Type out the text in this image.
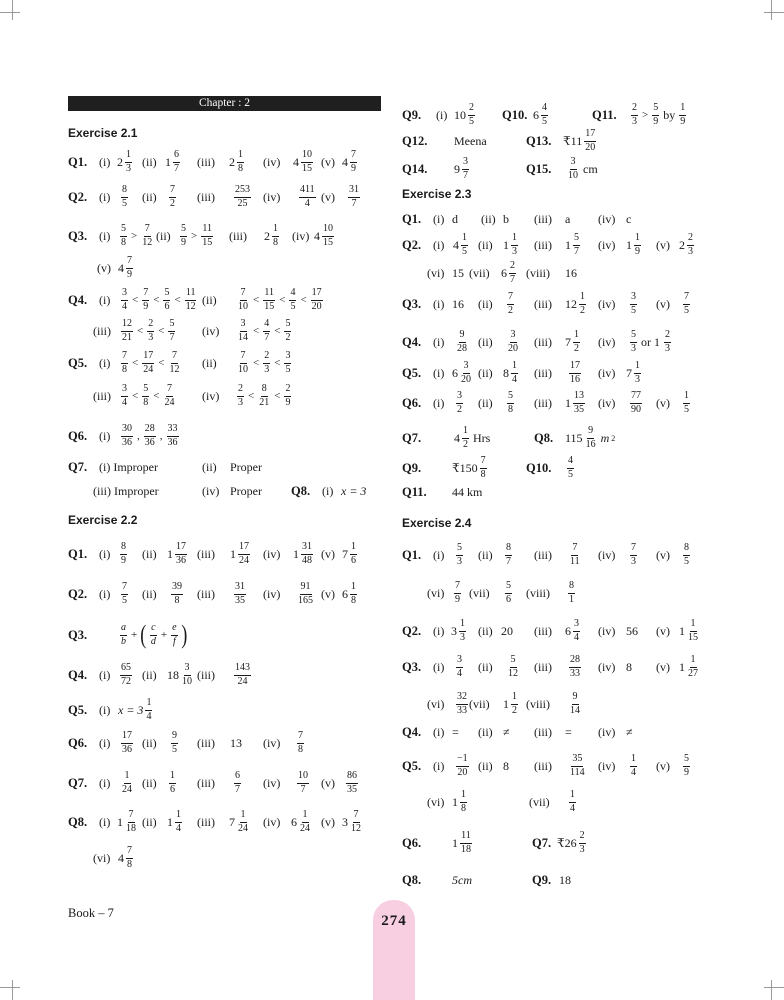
Chapter : 2
Exercise 2.1
Exercise 2.2
Exercise 2.3
Exercise 2.4
Q1. (i) $2 \frac{1}{3} (ii)$ $1 \frac{6}{7} (iii)$ $2 \frac{1}{8} (iv)$ $4 \frac{10}{15} (v)$ $4 \frac{7}{9}$
Q2. $(i) \frac{8}{5} (ii) \frac{7}{2} (iii) \frac{253}{25} (iv) \frac{411}{4} (v) \frac{31}{7}$
Q3. $(i) \frac{5}{8} > \frac{7}{12} (ii) \frac{5}{9} > \frac{11}{15} (iii)$ $2 \frac{1}{8} (iv)$ $4 \frac{10}{15}$
(v) $4 \frac{7}{9}$
Q4. $(i) \frac{3}{4} < \frac{7}{9} < \frac{5}{6} < \frac{11}{12} (ii) \frac{7}{10} < \frac{11}{15} < \frac{4}{5} < \frac{17}{20}$
$(iii) \frac{12}{21} < \frac{2}{3} < \frac{5}{7} (iv) \frac{3}{14} < \frac{4}{7} < \frac{5}{2}$
Q5. $(i) \frac{7}{8} < \frac{17}{24} < \frac{7}{12} (ii) \frac{7}{10} < \frac{2}{3} < \frac{3}{5}$
$(iii) \frac{3}{4} < \frac{5}{8} < \frac{7}{24} (iv) \frac{2}{3} < \frac{8}{21} < \frac{2}{9}$
Q6. $(i) \frac{30}{36}$ , $\frac{28}{36}$ , $\frac{33}{36}$
Q7. (i) Improper	(ii) Proper
(iii) Improper	(iv) Proper Q8. (i) x = 3
Q1. $(i) \frac{8}{9} (ii)$ $1 \frac{17}{36} (iii)$ $1 \frac{17}{24} (iv)$ $1 \frac{31}{48} (v)$ $7 \frac{1}{6}$
Q2. $(i) \frac{7}{5} (ii) \frac{39}{8} (iii) \frac{31}{35} (iv) \frac{91}{165} (v)$ $6 \frac{1}{8}$
Q3.	$\frac{a}{b}$ + ( $\frac{c}{d} + \frac{e}{f}$ )
Q4. $(i) \frac{65}{72} (ii)$ $18 \frac{3}{10} (iii) \frac{143}{24}$
Q5. (i) $x = 3 \frac{1}{4}$
Q6. $(i) \frac{17}{36} (ii) \frac{9}{5} (iii)$ 13 $(iv) \frac{7}{8}$
Q7. $(i) \frac{1}{24} (ii) \frac{1}{6} (iii) \frac{6}{7} (iv) \frac{10}{7} (v) \frac{86}{35}$
Q8. (i) $1 \frac{7}{18} (ii)$ $1 \frac{1}{4} (iii)$ $7 \frac{1}{24} (iv)$ $6 \frac{1}{24} (v)$ $3 \frac{7}{12}$
(vi) $4 \frac{7}{8}$
Q9. (i) $10 \frac{2}{5} Q10$. $6 \frac{4}{5}$	Q11. $\frac{2}{3} > \frac{5}{9}$ by $\frac{1}{9}$
Q12. Meena	Q13. ₹11 $\frac{17}{20}$
Q14. $9 \frac{3}{7}$	Q15. $\frac{3}{10}$ cm
Q1. (i) d (ii) b (iii) a (iv) c
Q2. (i) $4 \frac{1}{5} (ii)$ $1 \frac{1}{3} (iii)$ $1 \frac{5}{7} (iv)$ $1 \frac{1}{9} (v)$ $2 \frac{2}{3}$
(vi) 15 (vii) $6 \frac{2}{7}$ (viii) 16
Q3. (i) 16 $(ii) \frac{7}{2} (iii)$ $12 \frac{1}{2} (iv) \frac{3}{5} (v) \frac{7}{5}$
Q4. $(i) \frac{9}{28} (ii) \frac{3}{20} (iii)$ $7 \frac{1}{2} (iv) \frac{5}{3}$ or $1 \frac{2}{3}$
Q5. (i) $6 \frac{3}{20} (ii)$ $8 \frac{1}{4} (iii) \frac{17}{16} (iv)$ $7 \frac{1}{3}$
Q6. $(i) \frac{3}{2} (ii) \frac{5}{8} (iii)$ $1 \frac{13}{35} (iv) \frac{77}{90} (v) \frac{1}{5}$
Q7.	$4 \frac{1}{2}$ Hrs	Q8. $115 \frac{9}{16}$ m 2
Q9.	₹150 $\frac{7}{8}$	Q10. $\frac{4}{5}$
Q11. 44 km
Q1. $(i) \frac{5}{3} (ii) \frac{8}{7} (iii) \frac{7}{11} (iv) \frac{7}{3} (v) \frac{8}{5}$
$(vi) \frac{7}{9} (vii) \frac{5}{6}$ (viii) $\frac{8}{1}$
Q2. (i) $3 \frac{1}{3} (ii)$ 20 (iii) $6 \frac{3}{4} (iv)$ 56 (v) $1 \frac{1}{15}$
Q3. $(i) \frac{3}{4} (ii) \frac{5}{12} (iii) \frac{28}{33} (iv)$ 8 (v) $1 \frac{1}{27}$
$(vi) \frac{32}{33} (vii)$ $1 \frac{1}{2}$ (viii) $\frac{9}{14}$
Q4. (i) = (ii) ≠ (iii) = (iv) ≠
Q5. $(i) \frac{-1}{20} (ii)$ 8 $(iii) \frac{35}{114} (iv) \frac{1}{4} (v) \frac{5}{9}$
(vi) $1 \frac{1}{8}$	$(vii) \frac{1}{4}$
Q6.	$1 \frac{11}{18}$	Q7. ₹26 $\frac{2}{3}$
Q8.	5cm	Q9. 18
Book – 7	274
